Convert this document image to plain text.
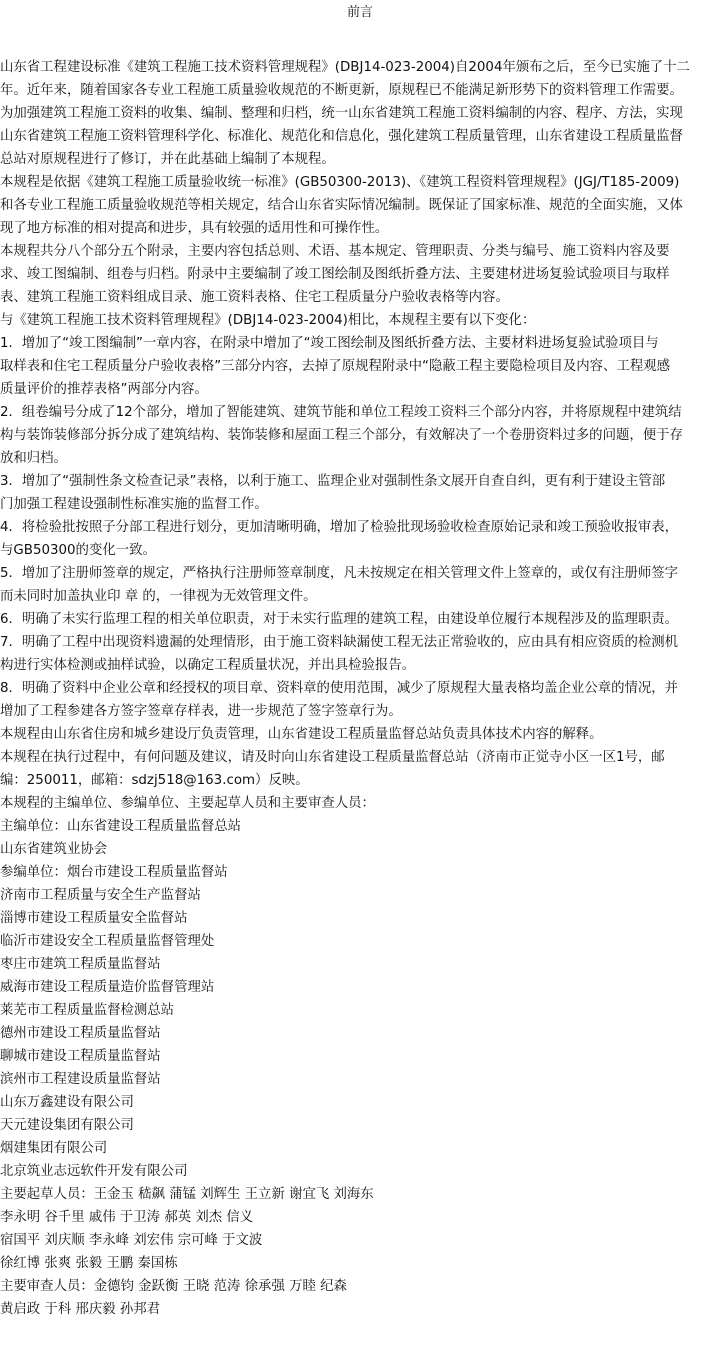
前言
山东省工程建设标准《建筑工程施工技术资料管理规程》(DBJ14-023-2004)自2004年颁布之后，至今已实施了十二
年。近年来，随着国家各专业工程施工质量验收规范的不断更新，原规程已不能满足新形势下的资料管理工作需要。
为加强建筑工程施工资料的收集、编制、整理和归档，统一山东省建筑工程施工资料编制的内容、程序、方法，实现
山东省建筑工程施工资料管理科学化、标准化、规范化和信息化，强化建筑工程质量管理，山东省建设工程质量监督
总站对原规程进行了修订，并在此基础上编制了本规程。
本规程是依据《建筑工程施工质量验收统一标准》(GB50300-2013)、《建筑工程资料管理规程》(JGJ/T185-2009)
和各专业工程施工质量验收规范等相关规定，结合山东省实际情况编制。既保证了国家标准、规范的全面实施，又体
现了地方标准的相对提高和进步，具有较强的适用性和可操作性。
本规程共分八个部分五个附录，主要内容包括总则、术语、基本规定、管理职责、分类与编号、施工资料内容及要
求、竣工图编制、组卷与归档。附录中主要编制了竣工图绘制及图纸折叠方法、主要建材进场复验试验项目与取样
表、建筑工程施工资料组成目录、施工资料表格、住宅工程质量分户验收表格等内容。
与《建筑工程施工技术资料管理规程》(DBJ14-023-2004)相比，本规程主要有以下变化：
1．增加了“竣工图编制”一章内容，在附录中增加了“竣工图绘制及图纸折叠方法、主要材料进场复验试验项目与
取样表和住宅工程质量分户验收表格”三部分内容，去掉了原规程附录中“隐蔽工程主要隐检项目及内容、工程观感
质量评价的推荐表格”两部分内容。
2．组卷编号分成了12个部分，增加了智能建筑、建筑节能和单位工程竣工资料三个部分内容，并将原规程中建筑结
构与装饰装修部分拆分成了建筑结构、装饰装修和屋面工程三个部分，有效解决了一个卷册资料过多的问题，便于存
放和归档。
3．增加了“强制性条文检查记录”表格，以利于施工、监理企业对强制性条文展开自查自纠，更有利于建设主管部
门加强工程建设强制性标准实施的监督工作。
4．将检验批按照子分部工程进行划分，更加清晰明确，增加了检验批现场验收检查原始记录和竣工预验收报审表，
与GB50300的变化一致。
5．增加了注册师签章的规定，严格执行注册师签章制度，凡未按规定在相关管理文件上签章的，或仅有注册师签字
而未同时加盖执业印 章 的，一律视为无效管理文件。
6．明确了未实行监理工程的相关单位职责，对于未实行监理的建筑工程，由建设单位履行本规程涉及的监理职责。
7．明确了工程中出现资料遗漏的处理情形，由于施工资料缺漏使工程无法正常验收的，应由具有相应资质的检测机
构进行实体检测或抽样试验，以确定工程质量状况，并出具检验报告。
8．明确了资料中企业公章和经授权的项目章、资料章的使用范围，减少了原规程大量表格均盖企业公章的情况，并
增加了工程参建各方签字签章存样表，进一步规范了签字签章行为。
本规程由山东省住房和城乡建设厅负责管理，山东省建设工程质量监督总站负责具体技术内容的解释。
本规程在执行过程中，有何问题及建议，请及时向山东省建设工程质量监督总站（济南市正觉寺小区一区1号，邮
编：250011，邮箱：sdzj518@163.com）反映。
本规程的主编单位、参编单位、主要起草人员和主要审查人员：
主编单位：山东省建设工程质量监督总站
山东省建筑业协会
参编单位：烟台市建设工程质量监督站
济南市工程质量与安全生产监督站
淄博市建设工程质量安全监督站
临沂市建设安全工程质量监督管理处
枣庄市建筑工程质量监督站
威海市建设工程质量造价监督管理站
莱芜市工程质量监督检测总站
德州市建设工程质量监督站
聊城市建设工程质量监督站
滨州市工程建设质量监督站
山东万鑫建设有限公司
天元建设集团有限公司
烟建集团有限公司
北京筑业志远软件开发有限公司
主要起草人员：王金玉 嵇飙 蒲锰 刘辉生 王立新 谢宜飞 刘海东
李永明 谷千里 戚伟 于卫涛 郝英 刘杰 信义
宿国平 刘庆顺 李永峰 刘宏伟 宗可峰 于文波
徐红博 张爽 张毅 王鹏 秦国栋
主要审查人员：金德钧 金跃衡 王晓 范涛 徐承强 万睦 纪森
黄启政 于科 邢庆毅 孙邦君
